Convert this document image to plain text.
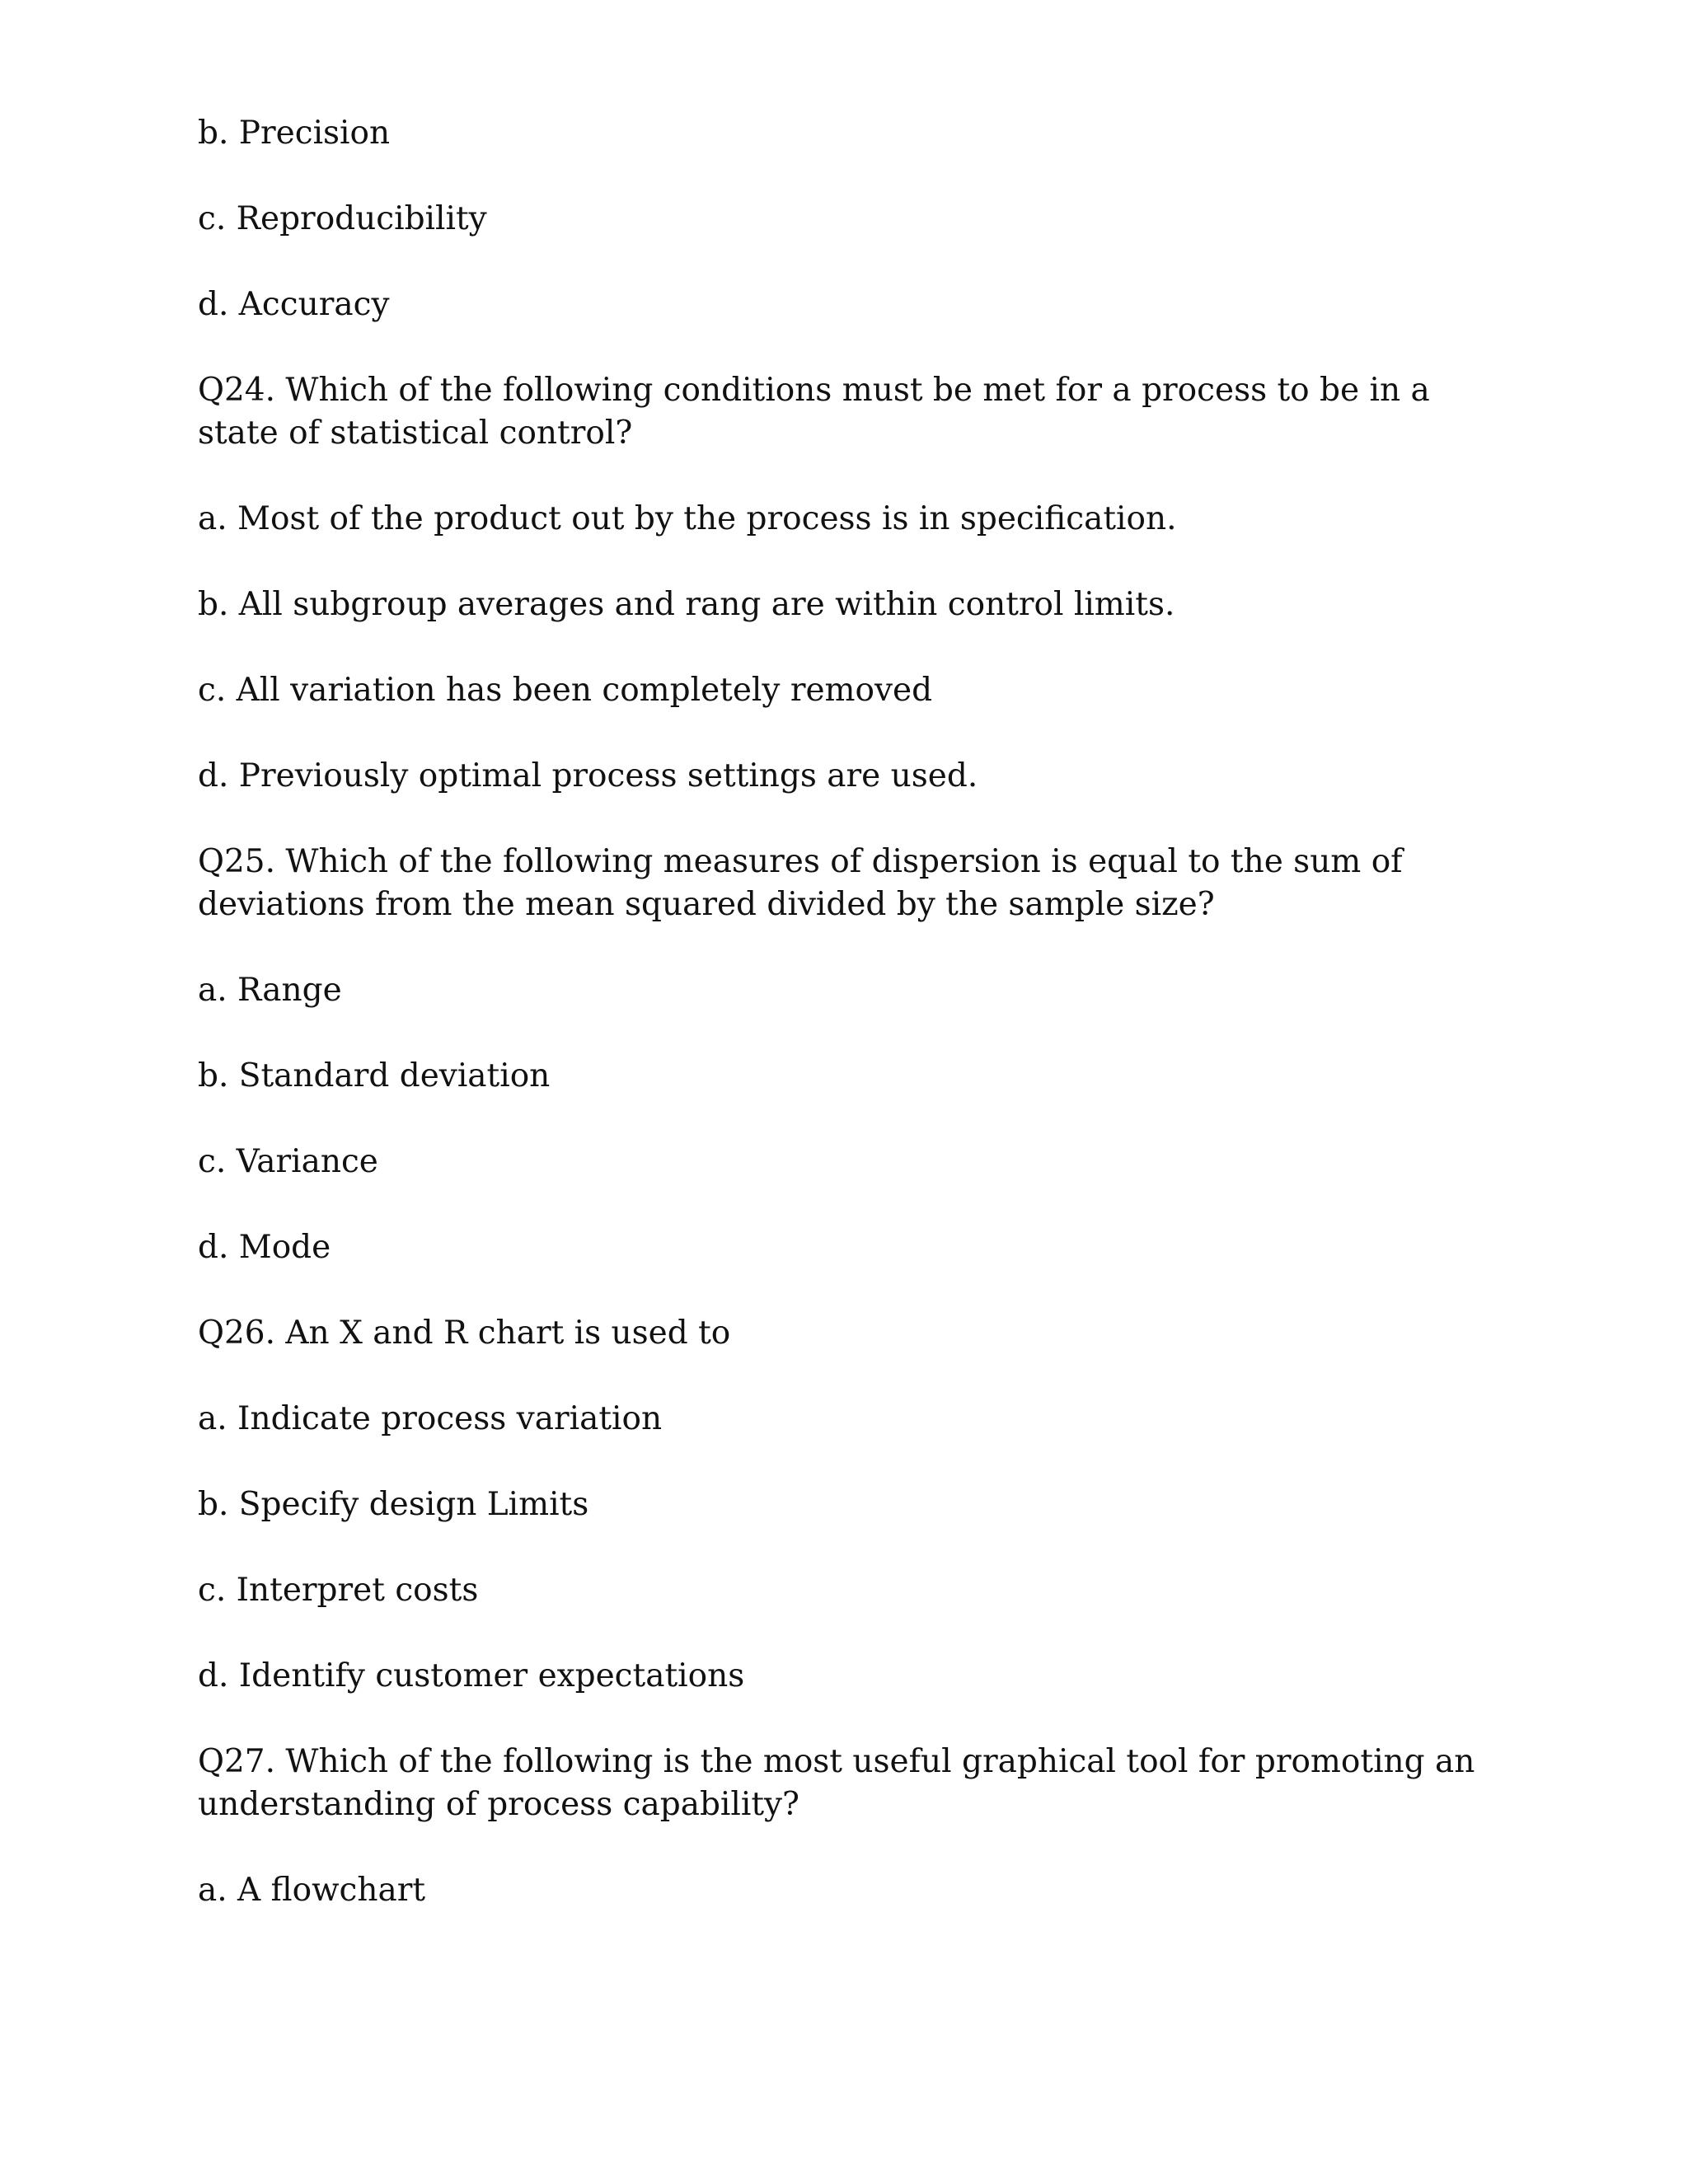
b. Precision

c. Reproducibility

d. Accuracy

Q24. Which of the following conditions must be met for a process to be in a state of statistical control?

a. Most of the product out by the process is in specification.

b. All subgroup averages and rang are within control limits.

c. All variation has been completely removed

d. Previously optimal process settings are used.

Q25. Which of the following measures of dispersion is equal to the sum of deviations from the mean squared divided by the sample size?

a. Range

b. Standard deviation

c. Variance

d. Mode

Q26. An X and R chart is used to

a. Indicate process variation

b. Specify design Limits

c. Interpret costs

d. Identify customer expectations

Q27. Which of the following is the most useful graphical tool for promoting an understanding of process capability?

a. A flowchart
